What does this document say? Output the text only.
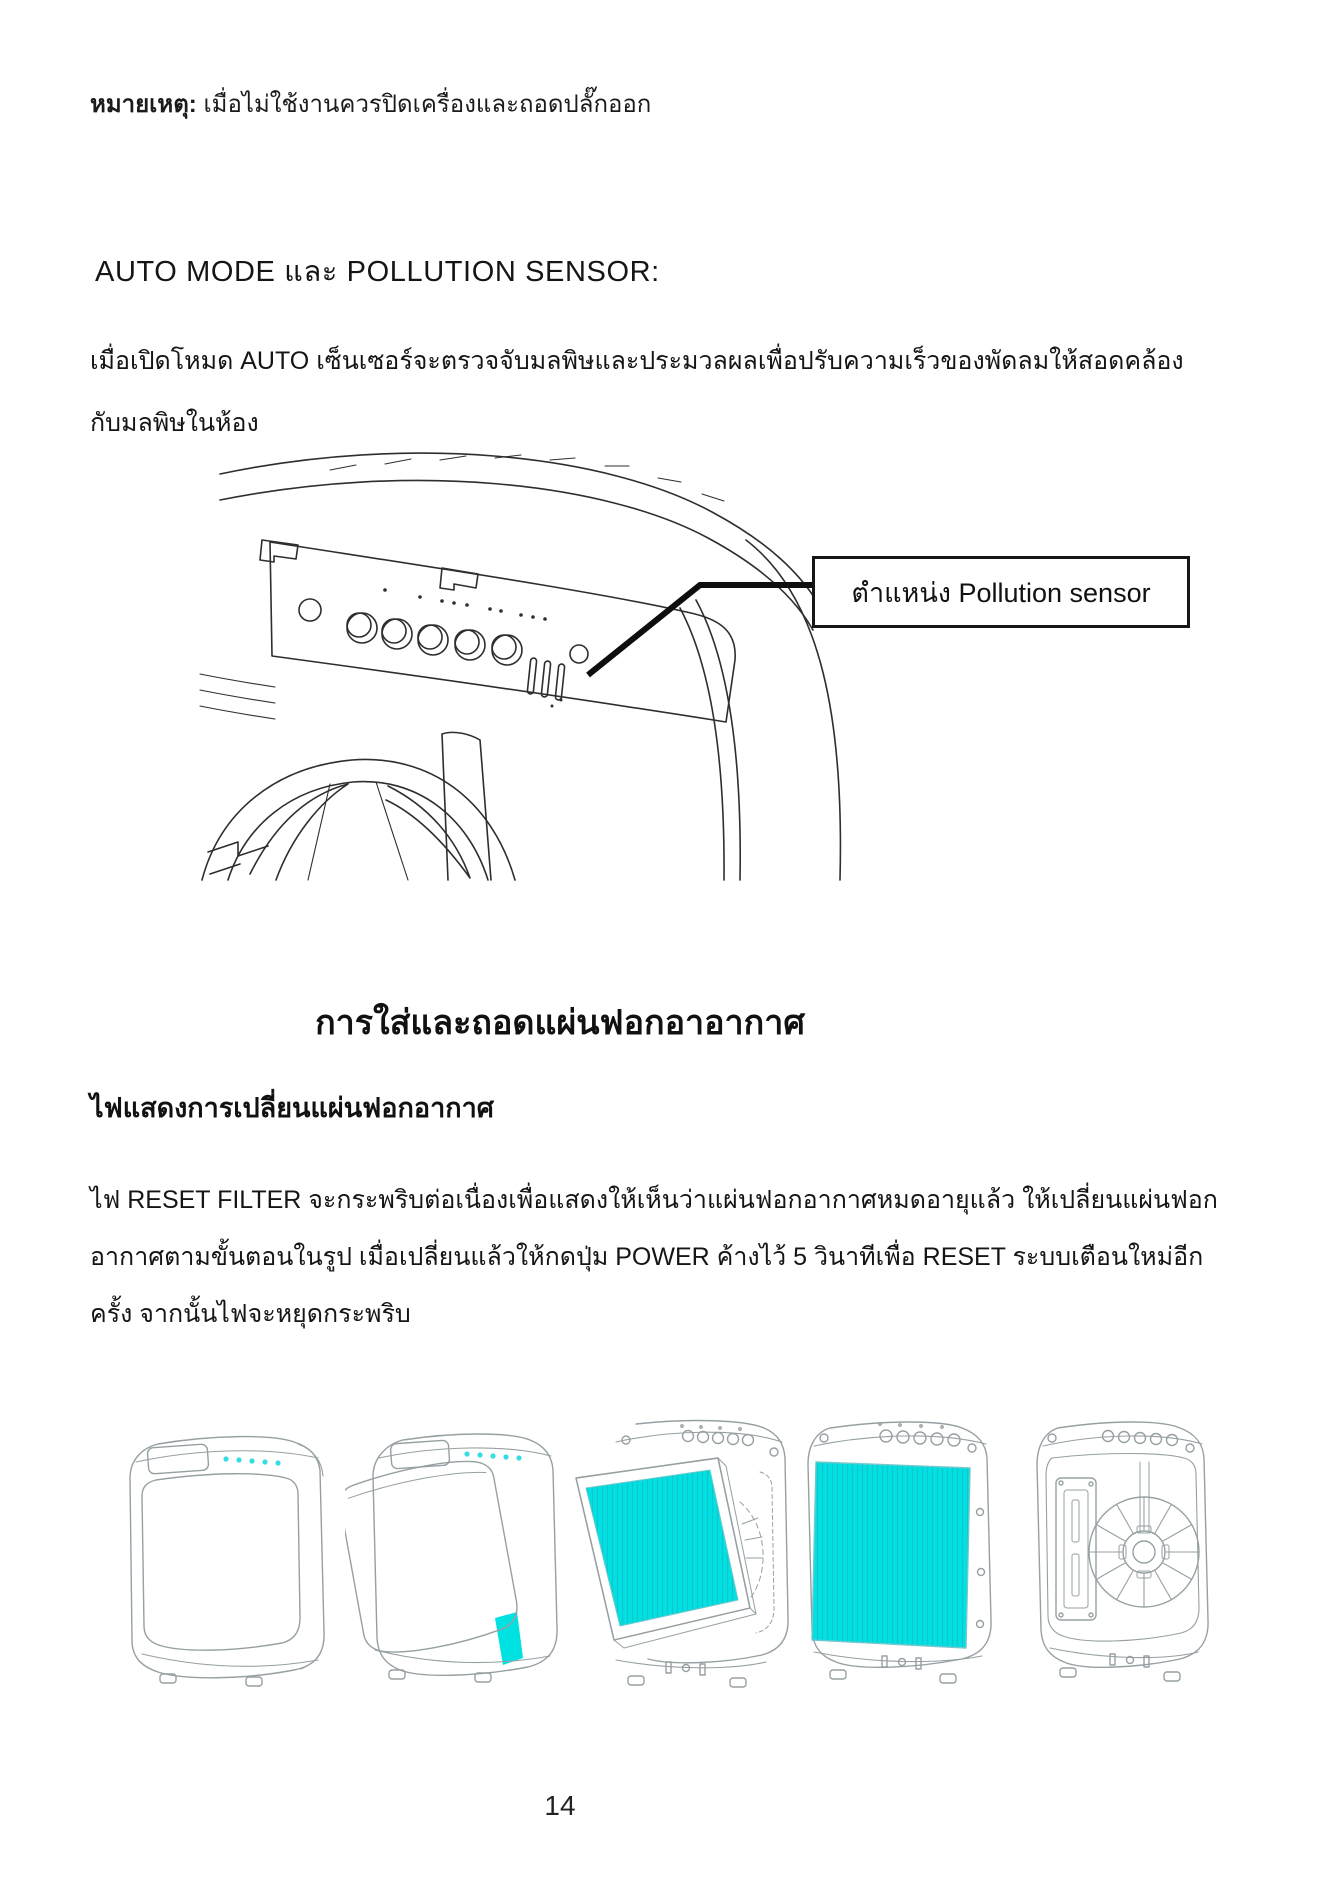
หมายเหตุ: เมื่อไม่ใช้งานควรปิดเครื่องและถอดปลั๊กออก
AUTO MODE และ POLLUTION SENSOR:
เมื่อเปิดโหมด AUTO เซ็นเซอร์จะตรวจจับมลพิษและประมวลผลเพื่อปรับความเร็วของพัดลมให้สอดคล้อง
กับมลพิษในห้อง
ตำแหน่ง Pollution sensor
การใส่และถอดแผ่นฟอกอาอากาศ
ไฟแสดงการเปลี่ยนแผ่นฟอกอากาศ
ไฟ RESET FILTER จะกระพริบต่อเนื่องเพื่อแสดงให้เห็นว่าแผ่นฟอกอากาศหมดอายุแล้ว ให้เปลี่ยนแผ่นฟอก
อากาศตามขั้นตอนในรูป เมื่อเปลี่ยนแล้วให้กดปุ่ม POWER ค้างไว้ 5 วินาทีเพื่อ RESET ระบบเตือนใหม่อีก
ครั้ง จากนั้นไฟจะหยุดกระพริบ
14
